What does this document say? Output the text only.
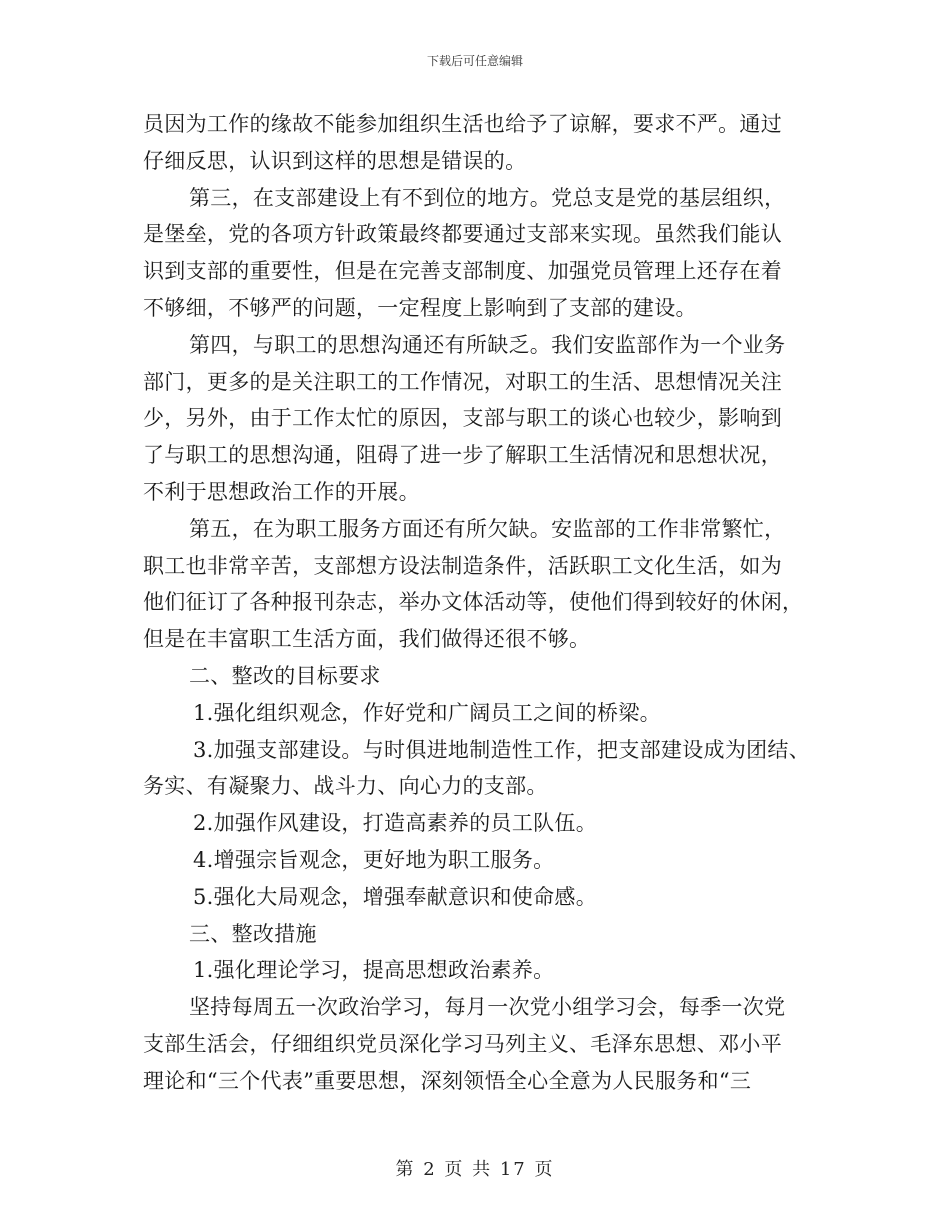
下载后可任意编辑
员因为工作的缘故不能参加组织生活也给予了谅解，要求不严。通过
仔细反思，认识到这样的思想是错误的。
第三，在支部建设上有不到位的地方。党总支是党的基层组织，
是堡垒，党的各项方针政策最终都要通过支部来实现。虽然我们能认
识到支部的重要性，但是在完善支部制度、加强党员管理上还存在着
不够细，不够严的问题，一定程度上影响到了支部的建设。
第四，与职工的思想沟通还有所缺乏。我们安监部作为一个业务
部门，更多的是关注职工的工作情况，对职工的生活、思想情况关注
少，另外，由于工作太忙的原因，支部与职工的谈心也较少，影响到
了与职工的思想沟通，阻碍了进一步了解职工生活情况和思想状况，
不利于思想政治工作的开展。
第五，在为职工服务方面还有所欠缺。安监部的工作非常繁忙，
职工也非常辛苦，支部想方设法制造条件，活跃职工文化生活，如为
他们征订了各种报刊杂志，举办文体活动等，使他们得到较好的休闲，
但是在丰富职工生活方面，我们做得还很不够。
二、整改的目标要求
1.强化组织观念，作好党和广阔员工之间的桥梁。
3.加强支部建设。与时俱进地制造性工作，把支部建设成为团结、
务实、有凝聚力、战斗力、向心力的支部。
2.加强作风建设，打造高素养的员工队伍。
4.增强宗旨观念，更好地为职工服务。
5.强化大局观念，增强奉献意识和使命感。
三、整改措施
1.强化理论学习，提高思想政治素养。
坚持每周五一次政治学习，每月一次党小组学习会，每季一次党
支部生活会，仔细组织党员深化学习马列主义、毛泽东思想、邓小平
理论和“三个代表”重要思想，深刻领悟全心全意为人民服务和“三
第 2 页 共 17 页
